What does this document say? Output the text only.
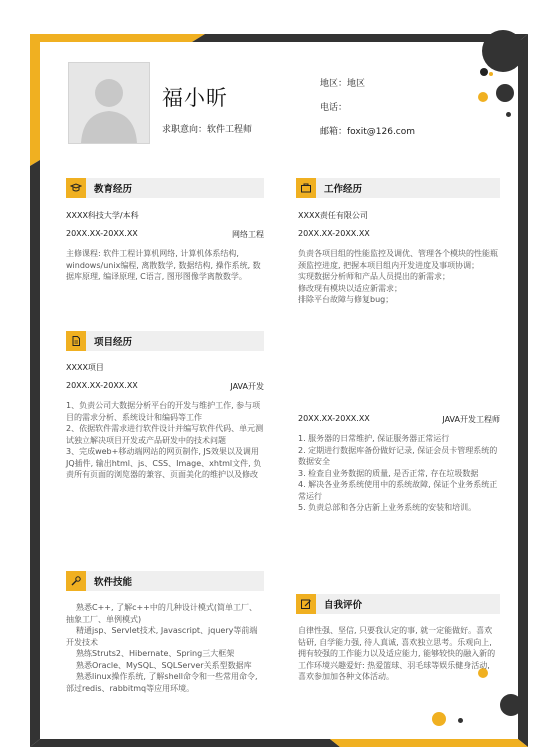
福小昕
求职意向：软件工程师
地区：地区
电话：
邮箱：foxit@126.com
教育经历
XXXX科技大学/本科
20XX.XX-20XX.XX	网络工程
主修课程: 软件工程计算机网络, 计算机体系结构, windows/unix编程, 离散数学, 数据结构, 操作系统, 数据库原理, 编译原理, C语言, 图形图像学离散数学。
工作经历
XXXX责任有限公司
20XX.XX-20XX.XX
负责各项目组的性能监控及调优、管理各个模块的性能瓶颈监控进度, 把握本项目组内开发进度及事项协调；
实现数据分析师和产品人员提出的新需求；
修改现有模块以适应新需求；
排除平台故障与修复bug；
项目经历
XXXX项目
20XX.XX-20XX.XX	JAVA开发
1、负责公司大数据分析平台的开发与维护工作, 参与项目的需求分析、系统设计和编码等工作
2、依据软件需求进行软件设计并编写软件代码、单元测试独立解决项目开发或产品研发中的技术问题
3、完成web+移动端网站的网页制作, JS效果以及调用JQ插件, 输出html、js、CSS、Image、xhtml文件, 负责所有页面的浏览器的兼容、页面美化的维护以及修改
20XX.XX-20XX.XX	JAVA开发工程师
1. 服务器的日常维护, 保证服务器正常运行
2. 定期进行数据库备份做好记录, 保证会员卡管理系统的数据安全
3. 检查自业务数据的质量, 是否正常, 存在垃圾数据
4. 解决各业务系统使用中的系统故障, 保证个业务系统正常运行
5. 负责总部和各分店新上业务系统的安装和培训。
软件技能
熟悉C++, 了解c++中的几种设计模式(简单工厂、抽象工厂、单例模式)
精通jsp、Servlet技术, Javascript、jquery等前端开发技术
熟练Struts2、Hibernate、Spring三大框架
熟悉Oracle、MySQL、SQLServer关系型数据库
熟悉linux操作系统, 了解shell命令和一些常用命令, 部过redis、rabbitmq等应用环境。
自我评价
自律性强、坚信, 只要我认定的事, 就一定能做好。喜欢钻研, 自学能力强, 待人真诚, 喜欢独立思考。乐观向上, 拥有较强的工作能力以及适应能力, 能够较快的融入新的工作环境兴趣爱好: 热爱篮球、羽毛球等娱乐健身活动, 喜欢参加加各种文体活动。
